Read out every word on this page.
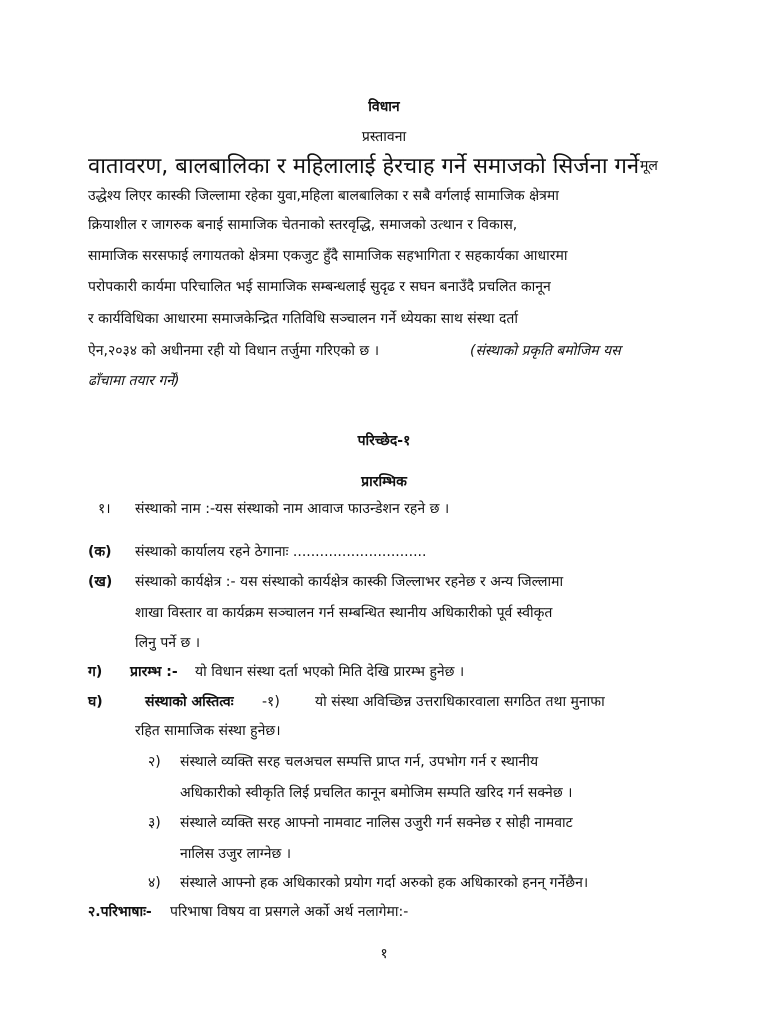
विधान
प्रस्तावना
वातावरण, बालबालिका र महिलालाई हेरचाह गर्ने समाजको सिर्जना गर्ने मूल
उद्धेश्य लिएर कास्की जिल्लामा रहेका युवा,महिला बालबालिका र सबै वर्गलाई सामाजिक क्षेत्रमा
क्रियाशील र जागरुक बनाई सामाजिक चेतनाको स्तरवृद्धि, समाजको उत्थान र विकास,
सामाजिक सरसफाई लगायतको क्षेत्रमा एकजुट हुँदै सामाजिक सहभागिता र सहकार्यका आधारमा
परोपकारी कार्यमा परिचालित भई सामाजिक सम्बन्धलाई सुदृढ र सघन बनाउँदै प्रचलित कानून
र कार्यविधिका आधारमा समाजकेन्द्रित गतिविधि सञ्चालन गर्ने ध्येयका साथ संस्था दर्ता
ऐन,२०३४ को अधीनमा रही यो विधान तर्जुमा गरिएको छ ।	(संस्थाको प्रकृति बमोजिम यस
ढाँचामा तयार गर्ने)
परिच्छेद-१
प्रारम्भिक
१। संस्थाको नाम :-यस संस्थाको नाम आवाज फाउन्डेशन रहने छ ।
(क) संस्थाको कार्यालय रहने ठेगानाः ..............................
(ख) संस्थाको कार्यक्षेत्र :- यस संस्थाको कार्यक्षेत्र कास्की जिल्लाभर रहनेछ र अन्य जिल्लामा
शाखा विस्तार वा कार्यक्रम सञ्चालन गर्न सम्बन्धित स्थानीय अधिकारीको पूर्व स्वीकृत
लिनु पर्ने छ ।
ग) प्रारम्भ :- यो विधान संस्था दर्ता भएको मिति देखि प्रारम्भ हुनेछ ।
घ)	संस्थाको अस्तित्वः -१)	यो संस्था अविच्छिन्न उत्तराधिकारवाला सगठित तथा मुनाफा
रहित सामाजिक संस्था हुनेछ।
२) संस्थाले व्यक्ति सरह चलअचल सम्पत्ति प्राप्त गर्न, उपभोग गर्न र स्थानीय
अधिकारीको स्वीकृति लिई प्रचलित कानून बमोजिम सम्पति खरिद गर्न सक्नेछ ।
३) संस्थाले व्यक्ति सरह आफ्नो नामवाट नालिस उजुरी गर्न सक्नेछ र सोही नामवाट
नालिस उजुर लाग्नेछ ।
४) संस्थाले आफ्नो हक अधिकारको प्रयोग गर्दा अरुको हक अधिकारको हनन् गर्नेछैन।
२.परिभाषाः- परिभाषा विषय वा प्रसगले अर्को अर्थ नलागेमा:-
१
